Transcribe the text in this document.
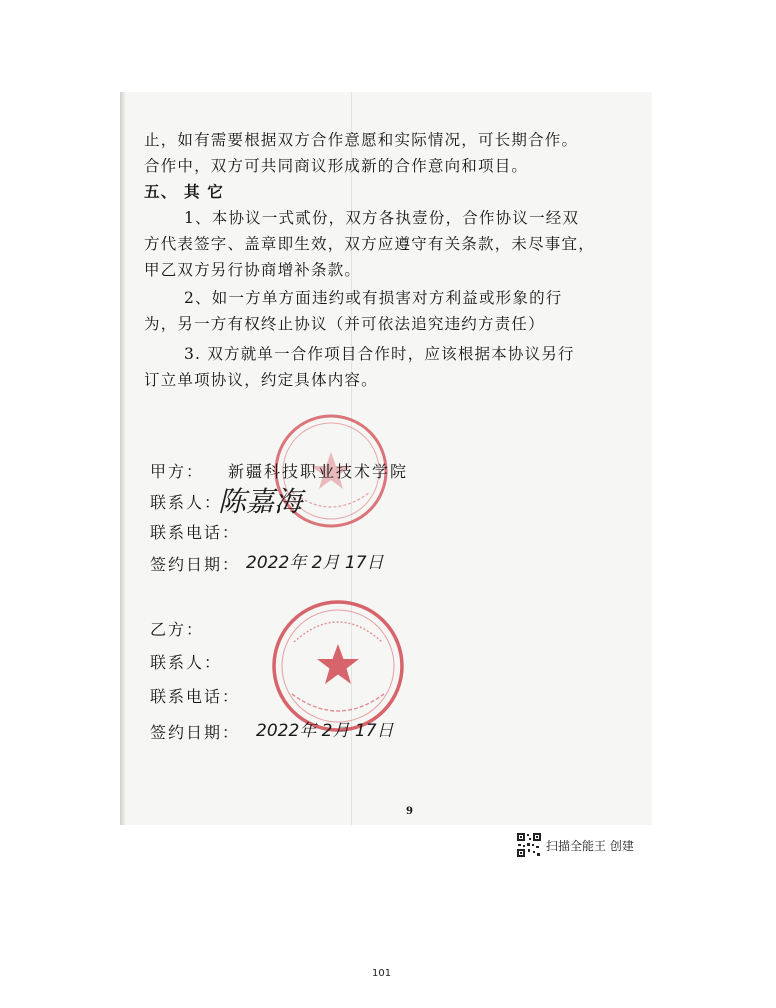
止，如有需要根据双方合作意愿和实际情况，可长期合作。
合作中，双方可共同商议形成新的合作意向和项目。
五、 其 它
1、本协议一式贰份，双方各执壹份，合作协议一经双
方代表签字、盖章即生效，双方应遵守有关条款，未尽事宜，
甲乙双方另行协商增补条款。
2、如一方单方面违约或有损害对方利益或形象的行
为，另一方有权终止协议（并可依法追究违约方责任）
3. 双方就单一合作项目合作时，应该根据本协议另行
订立单项协议，约定具体内容。
甲方： 新疆科技职业技术学院
联系人：
陈嘉海
联系电话：
签约日期： 2022年 2月 17日
乙方：
联系人：
联系电话：
签约日期： 2022年 2月 17日
9
扫描全能王 创建
101
